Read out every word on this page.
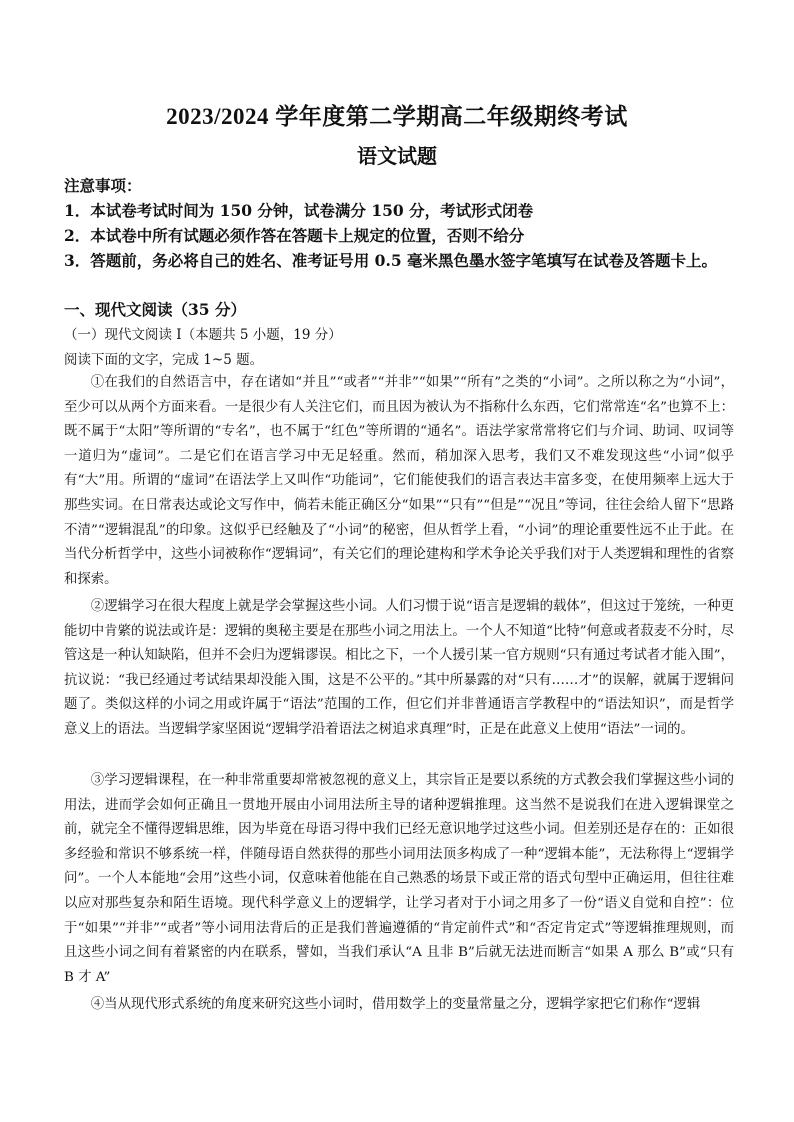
2023/2024 学年度第二学期高二年级期终考试
语文试题
注意事项：
1．本试卷考试时间为 150 分钟，试卷满分 150 分，考试形式闭卷
2．本试卷中所有试题必须作答在答题卡上规定的位置，否则不给分
3．答题前，务必将自己的姓名、准考证号用 0.5 毫米黑色墨水签字笔填写在试卷及答题卡上。
一、现代文阅读（35 分）
（一）现代文阅读 I（本题共 5 小题，19 分）
阅读下面的文字，完成 1~5 题。

①在我们的自然语言中，存在诸如“并且”“或者”“并非”“如果”“所有”之类的“小词”。之所以称之为“小词”，至少可以从两个方面来看。一是很少有人关注它们，而且因为被认为不指称什么东西，它们常常连“名”也算不上：既不属于“太阳”等所谓的“专名”，也不属于“红色”等所谓的“通名”。语法学家常常将它们与介词、助词、叹词等一道归为“虚词”。二是它们在语言学习中无足轻重。然而，稍加深入思考，我们又不难发现这些“小词”似乎有“大”用。所谓的“虚词”在语法学上又叫作“功能词”，它们能使我们的语言表达丰富多变，在使用频率上远大于那些实词。在日常表达或论文写作中，倘若未能正确区分“如果”“只有”“但是”“况且”等词，往往会给人留下“思路不清”“逻辑混乱”的印象。这似乎已经触及了“小词”的秘密，但从哲学上看，“小词”的理论重要性远不止于此。在当代分析哲学中，这些小词被称作“逻辑词”，有关它们的理论建构和学术争论关乎我们对于人类逻辑和理性的省察和探索。

②逻辑学习在很大程度上就是学会掌握这些小词。人们习惯于说“语言是逻辑的载体”，但这过于笼统，一种更能切中肯綮的说法或许是：逻辑的奥秘主要是在那些小词之用法上。一个人不知道“比特”何意或者菽麦不分时，尽管这是一种认知缺陷，但并不会归为逻辑谬误。相比之下，一个人援引某一官方规则“只有通过考试者才能入围”，抗议说：“我已经通过考试结果却没能入围，这是不公平的。”其中所暴露的对“只有……才”的误解，就属于逻辑问题了。类似这样的小词之用或许属于“语法”范围的工作，但它们并非普通语言学教程中的“语法知识”，而是哲学意义上的语法。当逻辑学家坚困说“逻辑学沿着语法之树追求真理”时，正是在此意义上使用“语法”一词的。

③学习逻辑课程，在一种非常重要却常被忽视的意义上，其宗旨正是要以系统的方式教会我们掌握这些小词的用法，进而学会如何正确且一贯地开展由小词用法所主导的诸种逻辑推理。这当然不是说我们在进入逻辑课堂之前，就完全不懂得逻辑思维，因为毕竟在母语习得中我们已经无意识地学过这些小词。但差别还是存在的：正如很多经验和常识不够系统一样，伴随母语自然获得的那些小词用法顶多构成了一种“逻辑本能”，无法称得上“逻辑学问”。一个人本能地“会用”这些小词，仅意味着他能在自己熟悉的场景下或正常的语式句型中正确运用，但往往难以应对那些复杂和陌生语境。现代科学意义上的逻辑学，让学习者对于小词之用多了一份“语义自觉和自控”：位于“如果”“并非”“或者”等小词用法背后的正是我们普遍遵循的“肯定前件式”和“否定肯定式”等逻辑推理规则，而且这些小词之间有着紧密的内在联系，譬如，当我们承认“A 且非 B”后就无法进而断言“如果 A 那么 B”或“只有 B 才 A”

④当从现代形式系统的角度来研究这些小词时，借用数学上的变量常量之分，逻辑学家把它们称作“逻辑
